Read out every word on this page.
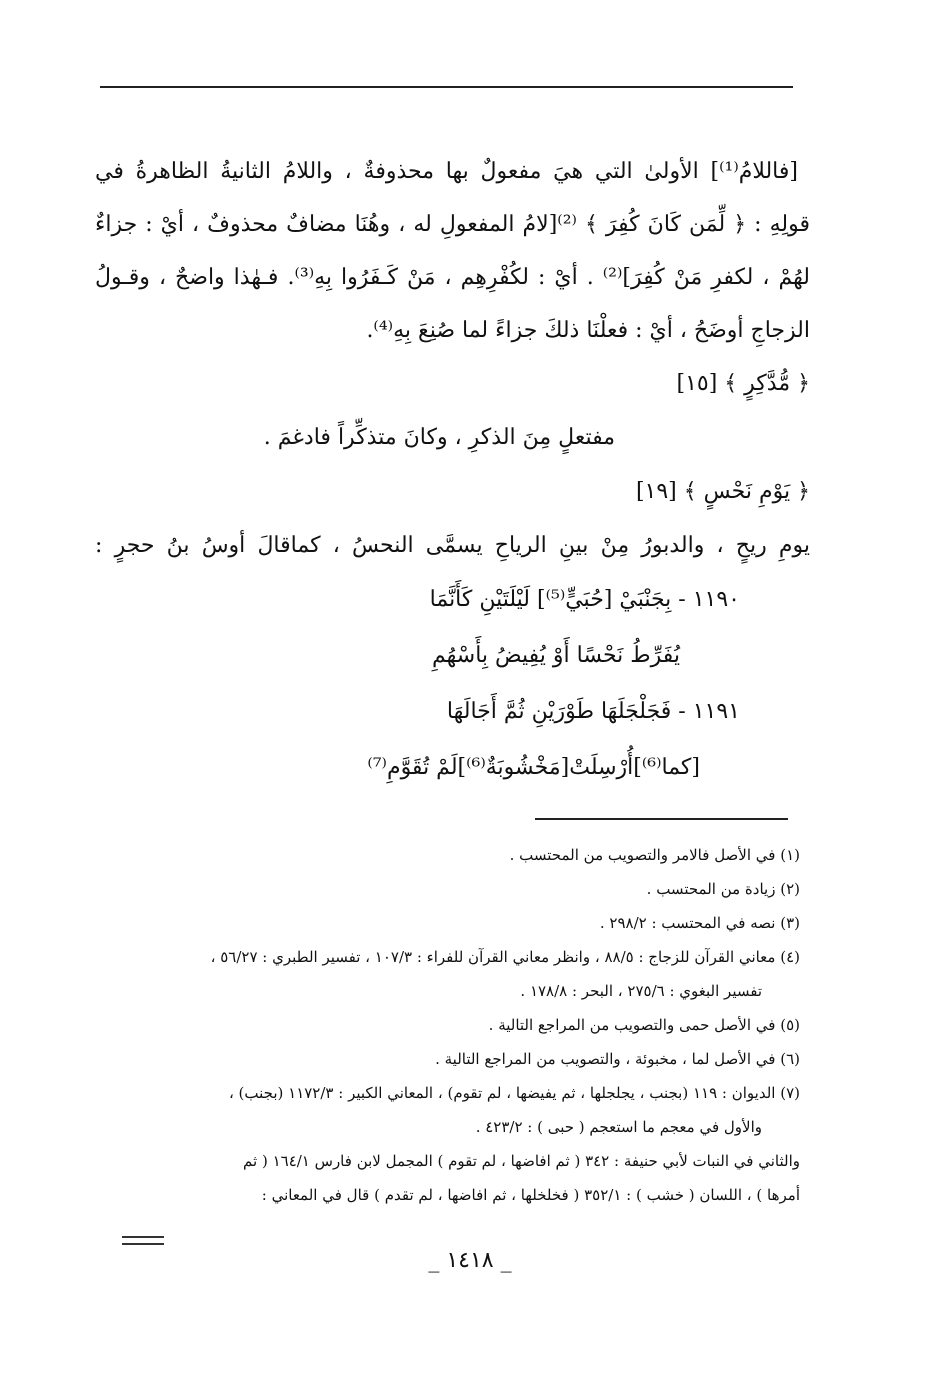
[فاللامُ⁽¹⁾] الأولىٰ التي هيَ مفعولٌ بها محذوفةٌ ، واللامُ الثانيةُ الظاهرةُ في
قولِهِ : ﴿ لِّمَن كَانَ كُفِرَ ﴾ ⁽²⁾[لامُ المفعولِ له ، وهُنَا مضافٌ محذوفٌ ، أيْ : جزاءٌ
لهُمْ ، لكفرِ مَنْ كُفِرَ]⁽²⁾ . أيْ : لكُفْرِهِم ، مَنْ كَـفَرُوا بِهِ⁽³⁾. فـهٰذا واضحٌ ، وقـولُ
الزجاجِ أوضَحُ ، أيْ : فعلْنَا ذلكَ جزاءً لما صُنِعَ بِهِ⁽⁴⁾.
﴿ مُّدَّكِرٍ ﴾ [١٥]
مفتعلٍ مِنَ الذكرِ ، وكانَ متذكِّراً فادغمَ .
﴿ يَوْمِ نَحْسٍ ﴾ [١٩]
يومِ ريحٍ ، والدبورُ مِنْ بينِ الرياحِ يسمَّى النحسُ ، كماقالَ أوسُ بنُ حجرٍ :
١١٩٠ - بِجَنْبَيْ [حُبَيٍّ⁽⁵⁾] لَيْلَتَيْنِ كَأَنَّمَا
يُفَرِّطُ نَحْسًا أَوْ يُفِيضُ بِأَسْهُمِ
١١٩١ - فَجَلْجَلَهَا طَوْرَيْنِ ثُمَّ أَجَالَهَا
[كما⁽⁶⁾]أُرْسِلَتْ[مَخْشُوبَةٌ⁽⁶⁾]لَمْ تُقَوَّمِ⁽⁷⁾
(١) في الأصل فالامر والتصويب من المحتسب .
(٢) زيادة من المحتسب .
(٣) نصه في المحتسب : ٢٩٨/٢ .
(٤) معاني القرآن للزجاج : ٨٨/٥ ، وانظر معاني القرآن للفراء : ١٠٧/٣ ، تفسير الطبري : ٥٦/٢٧ ،
تفسير البغوي : ٢٧٥/٦ ، البحر : ١٧٨/٨ .
(٥) في الأصل حمى والتصويب من المراجع التالية .
(٦) في الأصل لما ، مخبوئة ، والتصويب من المراجع التالية .
(٧) الديوان : ١١٩ (بجنب ، يجلجلها ، ثم يفيضها ، لم تقوم) ، المعاني الكبير : ١١٧٢/٣ (بجنب) ،
والأول في معجم ما استعجم ( حبى ) : ٤٢٣/٢ .
والثاني في النبات لأبي حنيفة : ٣٤٢ ( ثم افاضها ، لم تقوم ) المجمل لابن فارس ١٦٤/١ ( ثم
أمرها ) ، اللسان ( خشب ) : ٣٥٢/١ ( فخلخلها ، ثم افاضها ، لم تقدم ) قال في المعاني :
_ ١٤١٨ _
